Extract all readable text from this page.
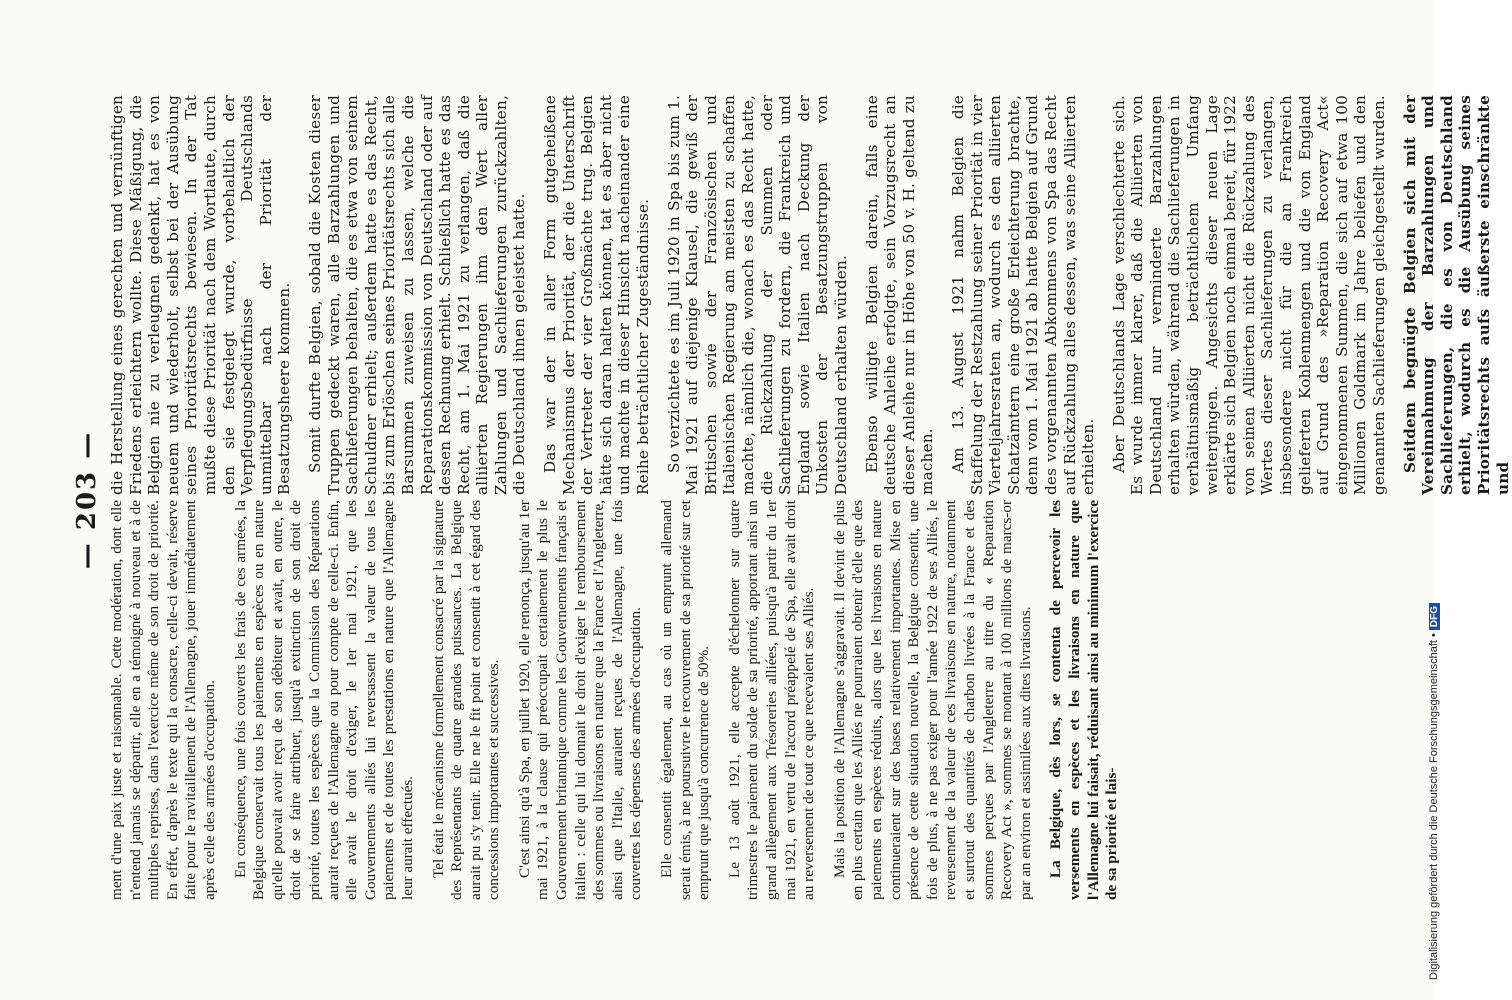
— 203 — ment d'une paix juste et raisonnable. Cette modération, dont elle n'entend jamais se départir, elle en a témoigné à nouveau et à de multiples reprises, dans l'exercice même de son droit de priorité. En effet, d'après le texte qui la consacre, celle-ci devait, réserve faite pour le ravitaillement de l'Allemagne, jouer immédiatement après celle des armées d'occupation. En conséquence, une fois couverts les frais de ces armées, la Belgique conservait tous les paiements en espèces ou en nature qu'elle pouvait avoir reçu de son débiteur et avait, en outre, le droit de se faire attribuer, jusqu'à extinction de son droit de priorité, toutes les espèces que la Commission des Réparations aurait reçues de l'Allemagne ou pour compte de celle-ci. Enfin, elle avait le droit d'exiger, le 1er mai 1921, que les Gouvernements alliés lui reversassent la valeur de tous les paiements et de toutes les prestations en nature que l'Allemagne leur aurait effectués. Tel était le mécanisme formellement consacré par la signature des Représentants de quatre grandes puissances. La Belgique aurait pu s'y tenir. Elle ne le fit point et consentit à cet égard des concessions importantes et successives. C'est ainsi qu'à Spa, en juillet 1920, elle renonça, jusqu'au 1er mai 1921, à la clause qui préoccupait certainement le plus le Gouvernement britannique comme les Gouvernements français et italien : celle qui lui donnait le droit d'exiger le remboursement des sommes ou livraisons en nature que la France et l'Angleterre, ainsi que l'Italie, auraient reçues de l'Allemagne, une fois couvertes les dépenses des armées d'occupation. Elle consentit également, au cas où un emprunt allemand serait émis, à ne poursuivre le recouvrement de sa priorité sur cet emprunt que jusqu'à concurrence de 50%. Le 13 août 1921, elle accepte d'échelonner sur quatre trimestres le paiement du solde de sa priorité, apportant ainsi un grand allègement aux Trésoreries alliées, puisqu'à partir du 1er mai 1921, en vertu de l'accord préappelé de Spa, elle avait droit au reversement de tout ce que recevaient ses Alliés. Mais la position de l'Allemagne s'aggravait. Il devint de plus en plus certain que les Alliés ne pourraient obtenir d'elle que des paiements en espèces réduits, alors que les livraisons en nature continueraient sur des bases relativement importantes. Mise en présence de cette situation nouvelle, la Belgique consentit, une fois de plus, à ne pas exiger pour l'année 1922 de ses Alliés, le reversement de la valeur de ces livraisons en nature, notamment et surtout des quantités de charbon livrées à la France et des sommes perçues par l'Angleterre au titre du « Reparation Recovery Act », sommes se montant à 100 millions de marcs-or par an environ et assimilées aux dites livraisons. La Belgique, dès lors, se contenta de percevoir les versements en espèces et les livraisons en nature que l'Allemagne lui faisait, réduisant ainsi au minimum l'exercice de sa priorité et lais-

die Herstellung eines gerechten und vernünftigen Friedens erleichtern wollte. Diese Mäßigung, die Belgien nie zu verleugnen gedenkt, hat es von neuem und wiederholt, selbst bei der Ausübung seines Prioritätsrechts bewiesen. In der Tat mußte diese Priorität nach dem Wortlaute, durch den sie festgelegt wurde, vorbehaltlich der Verpflegungsbedürfnisse Deutschlands unmittelbar nach der Priorität der Besatzungsheere kommen. Somit durfte Belgien, sobald die Kosten dieser Truppen gedeckt waren, alle Barzahlungen und Sachlieferungen behalten, die es etwa von seinem Schuldner erhielt; außerdem hatte es das Recht, bis zum Erlöschen seines Prioritätsrechts sich alle Barsummen zuweisen zu lassen, welche die Reparationskommission von Deutschland oder auf dessen Rechnung erhielt. Schließlich hatte es das Recht, am 1. Mai 1921 zu verlangen, daß die alliierten Regierungen ihm den Wert aller Zahlungen und Sachlieferungen zurückzahlten, die Deutschland ihnen geleistet hatte. Das war der in aller Form gutgeheißene Mechanismus der Priorität, der die Unterschrift der Vertreter der vier Großmächte trug. Belgien hätte sich daran halten können, tat es aber nicht und machte in dieser Hinsicht nacheinander eine Reihe beträchtlicher Zugeständnisse. So verzichtete es im Juli 1920 in Spa bis zum 1. Mai 1921 auf diejenige Klausel, die gewiß der Britischen sowie der Französischen und Italienischen Regierung am meisten zu schaffen machte, nämlich die, wonach es das Recht hatte, die Rückzahlung der Summen oder Sachlieferungen zu fordern, die Frankreich und England sowie Italien nach Deckung der Unkosten der Besatzungstruppen von Deutschland erhalten würden. Ebenso willigte Belgien darein, falls eine deutsche Anleihe erfolgte, sein Vorzugsrecht an dieser Anleihe nur in Höhe von 50 v. H. geltend zu machen. Am 13. August 1921 nahm Belgien die Staffelung der Restzahlung seiner Priorität in vier Vierteljahresraten an, wodurch es den alliierten Schatzämtern eine große Erleichterung brachte, denn vom 1. Mai 1921 ab hatte Belgien auf Grund des vorgenannten Abkommens von Spa das Recht auf Rückzahlung alles dessen, was seine Alliierten erhielten. Aber Deutschlands Lage verschlechterte sich. Es wurde immer klarer, daß die Alliierten von Deutschland nur verminderte Barzahlungen erhalten würden, während die Sachlieferungen in verhältnismäßig beträchtlichem Umfang weitergingen. Angesichts dieser neuen Lage erklärte sich Belgien noch einmal bereit, für 1922 von seinen Alliierten nicht die Rückzahlung des Wertes dieser Sachlieferungen zu verlangen, insbesondere nicht für die an Frankreich gelieferten Kohlenmengen und die von England auf Grund des »Reparation Recovery Act« eingenommenen Summen, die sich auf etwa 100 Millionen Goldmark im Jahre beliefen und den genannten Sachlieferungen gleichgestellt wurden. Seitdem begnügte Belgien sich mit der Vereinnahmung der Barzahlungen und Sachlieferungen, die es von Deutschland erhielt, wodurch es die Ausübung seines Prioritätsrechts aufs äußerste einschränkte und

Digitalisierung gefördert durch die Deutsche Forschungsgemeinschaft •DFG
